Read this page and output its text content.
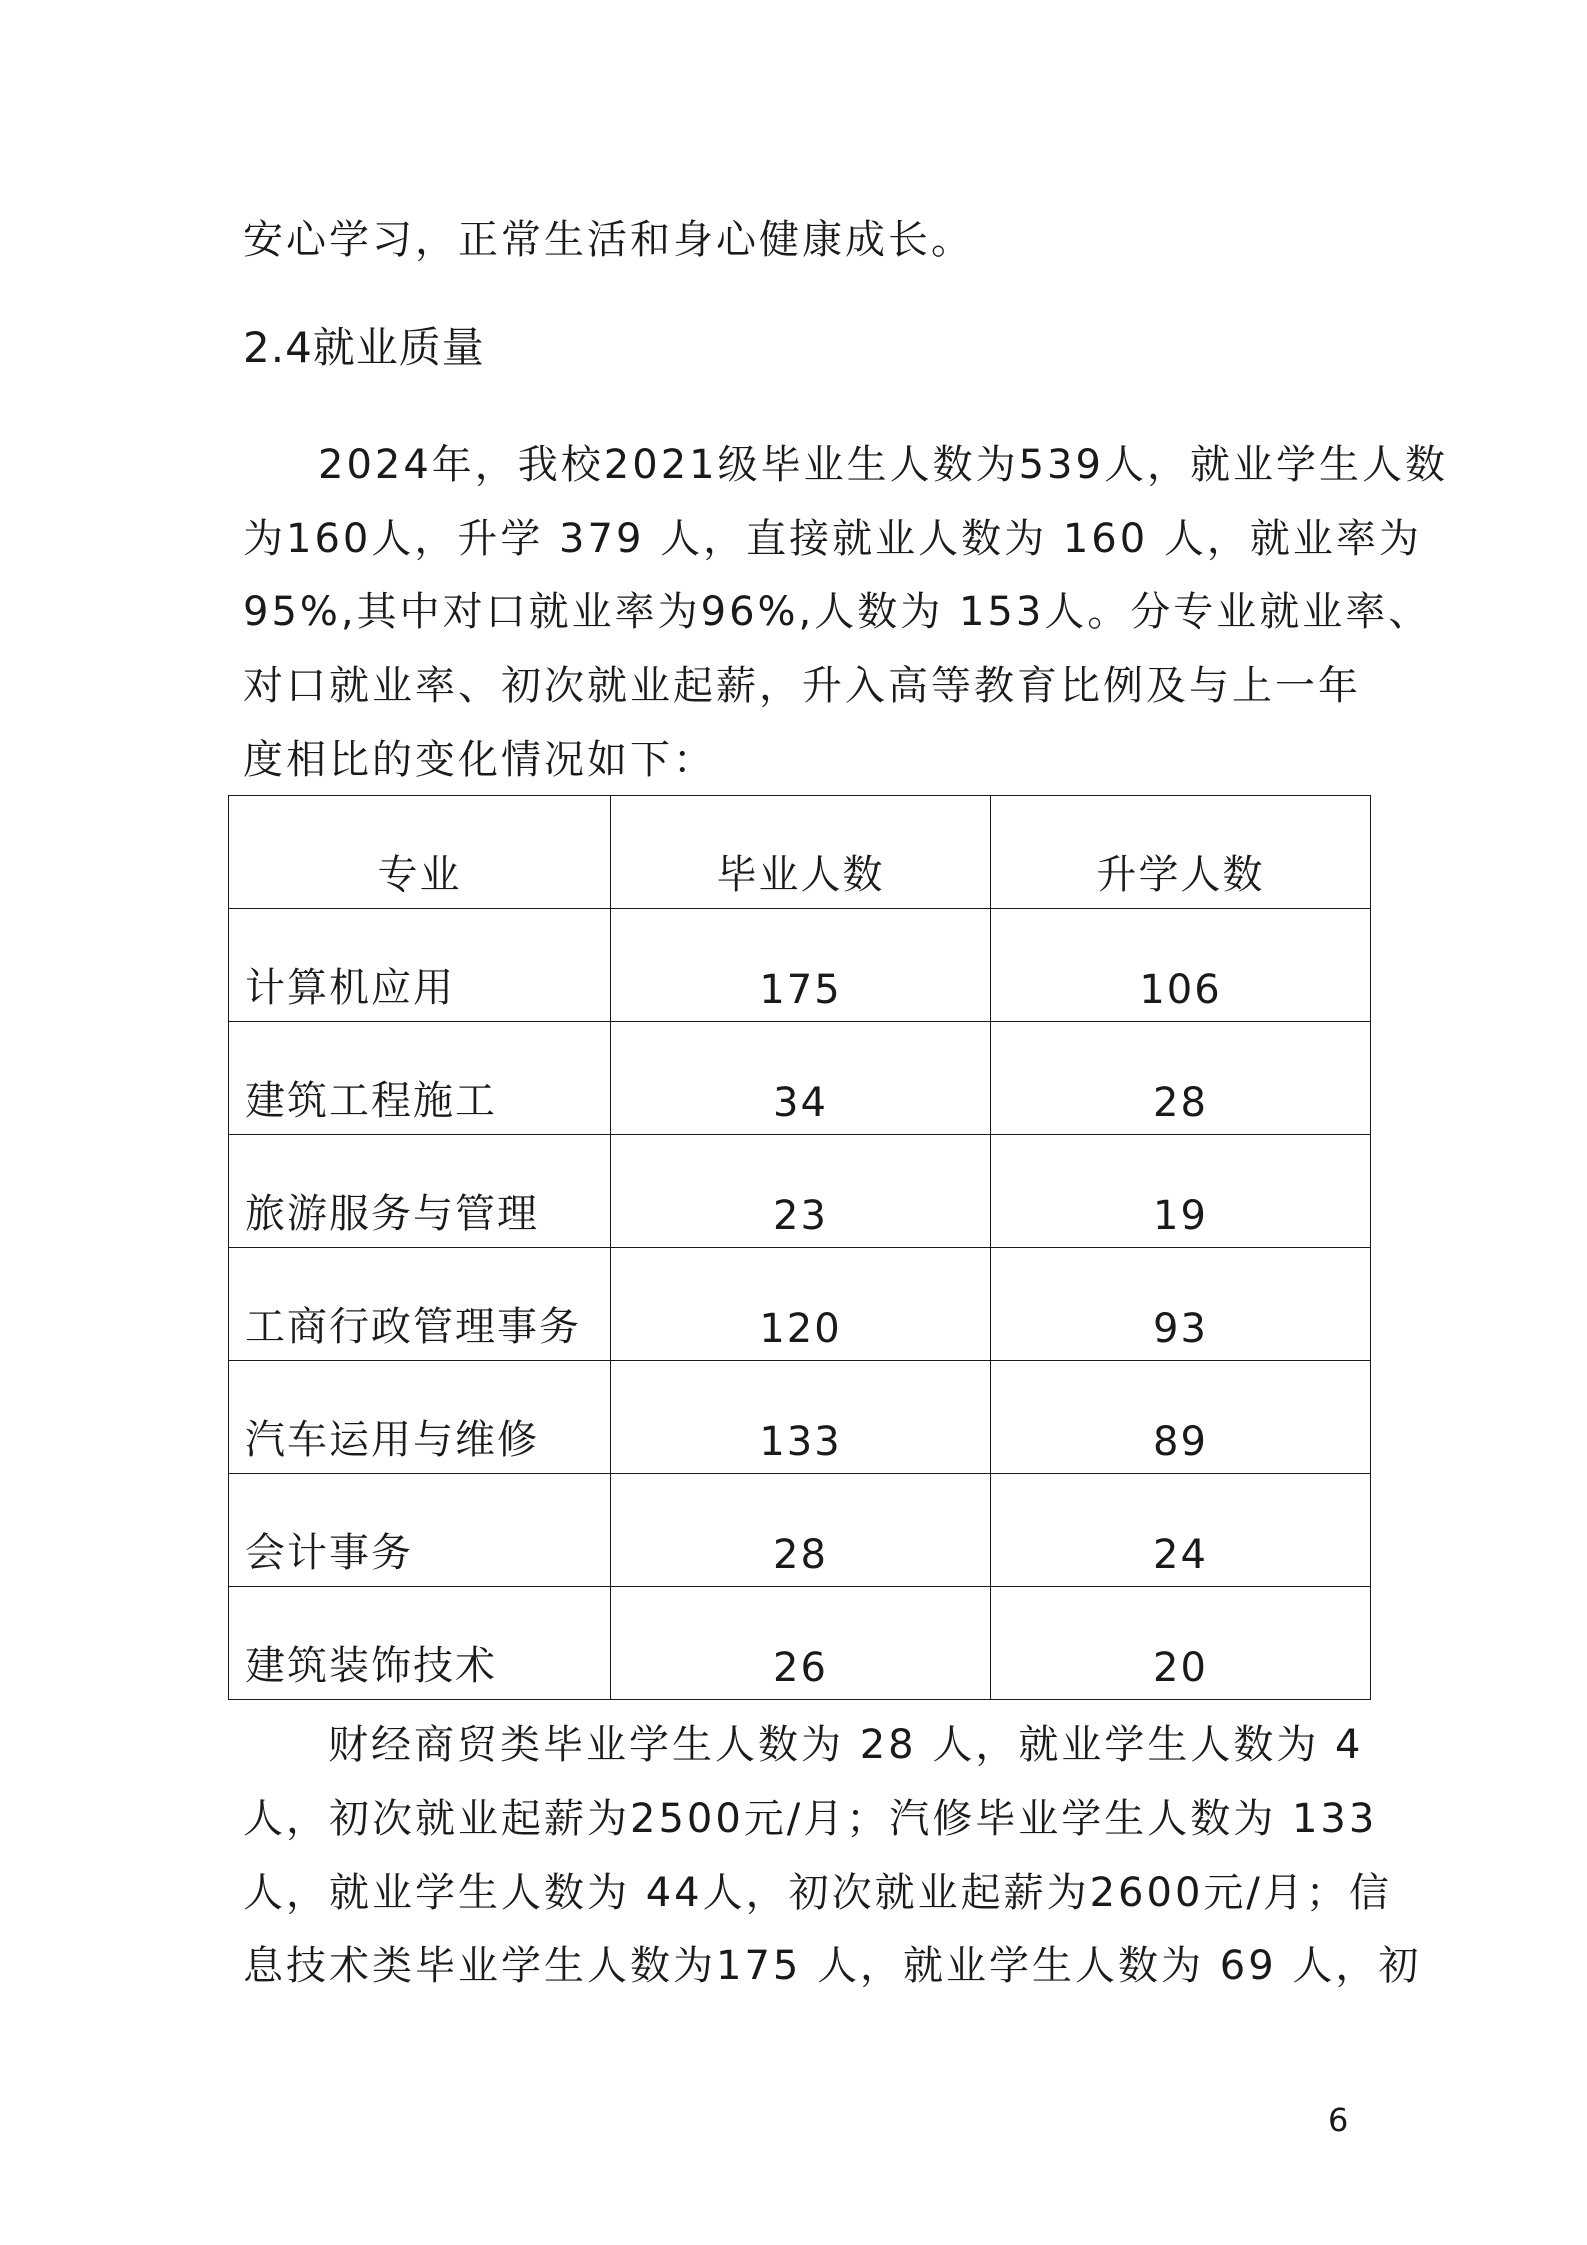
安心学习，正常生活和身心健康成长。
2.4就业质量
2024年，我校2021级毕业生人数为539人，就业学生人数
为160人，升学 379 人，直接就业人数为 160 人，就业率为
95%,其中对口就业率为96%,人数为 153人。分专业就业率、
对口就业率、初次就业起薪，升入高等教育比例及与上一年
度相比的变化情况如下：
专业	毕业人数	升学人数
计算机应用	175	106
建筑工程施工	34	28
旅游服务与管理	23	19
工商行政管理事务	120	93
汽车运用与维修	133	89
会计事务	28	24
建筑装饰技术	26	20
财经商贸类毕业学生人数为 28 人，就业学生人数为 4
人，初次就业起薪为2500元/月；汽修毕业学生人数为 133
人，就业学生人数为 44人，初次就业起薪为2600元/月；信
息技术类毕业学生人数为175 人，就业学生人数为 69 人，初
6
